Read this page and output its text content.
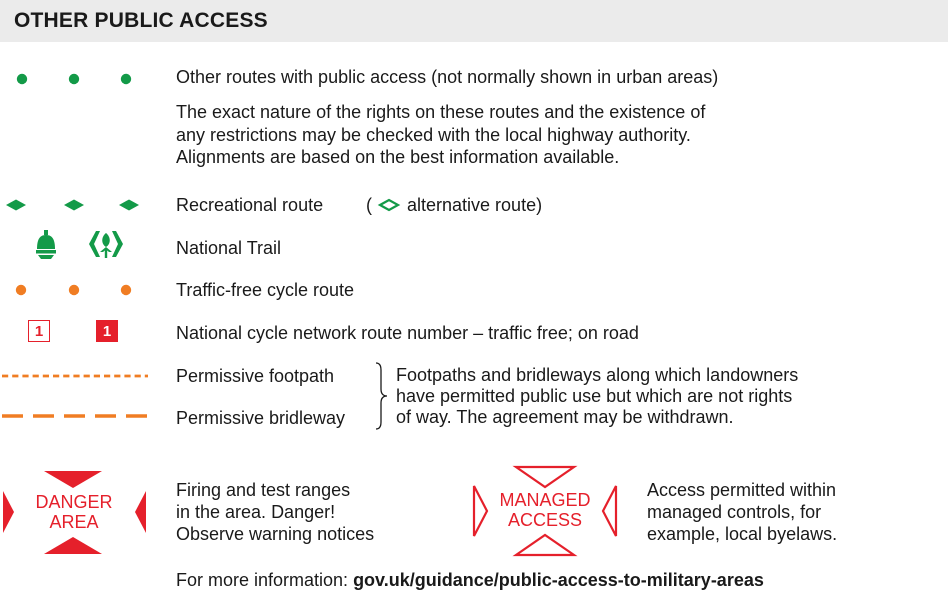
OTHER PUBLIC ACCESS
Other routes with public access (not normally shown in urban areas)
The exact nature of the rights on these routes and the existence of
any restrictions may be checked with the local highway authority.
Alignments are based on the best information available.
Recreational route ( alternative route)
National Trail
Traffic-free cycle route
1	1	National cycle network route number – traffic free; on road
Permissive footpath
Permissive bridleway
Footpaths and bridleways along which landowners
have permitted public use but which are not rights
of way. The agreement may be withdrawn.
DANGER
AREA
Firing and test ranges
in the area. Danger!
Observe warning notices
MANAGED
ACCESS
Access permitted within
managed controls, for
example, local byelaws.
For more information: gov.uk/guidance/public-access-to-military-areas
